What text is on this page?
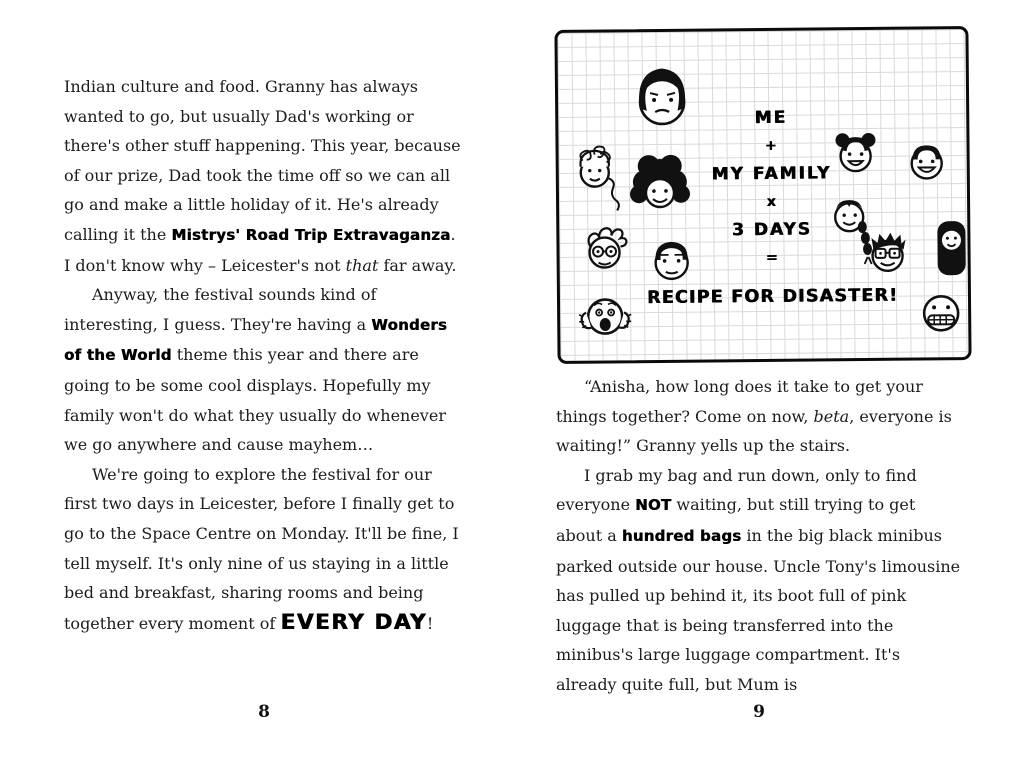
Indian culture and food. Granny has always wanted to go, but usually Dad's working or there's other stuff happening. This year, because of our prize, Dad took the time off so we can all go and make a little holiday of it. He's already calling it the Mistrys' Road Trip Extravaganza. I don't know why – Leicester's not that far away.

Anyway, the festival sounds kind of interesting, I guess. They're having a Wonders of the World theme this year and there are going to be some cool displays. Hopefully my family won't do what they usually do whenever we go anywhere and cause mayhem…

We're going to explore the festival for our first two days in Leicester, before I finally get to go to the Space Centre on Monday. It'll be fine, I tell myself. It's only nine of us staying in a little bed and breakfast, sharing rooms and being together every moment of EVERY DAY!

8
ME
+
MY FAMILY
x
3 DAYS
=
RECIPE FOR DISASTER!

“Anisha, how long does it take to get your things together? Come on now, beta, everyone is waiting!” Granny yells up the stairs.

I grab my bag and run down, only to find everyone NOT waiting, but still trying to get about a hundred bags in the big black minibus parked outside our house. Uncle Tony's limousine has pulled up behind it, its boot full of pink luggage that is being transferred into the minibus's large luggage compartment. It's already quite full, but Mum is

9
